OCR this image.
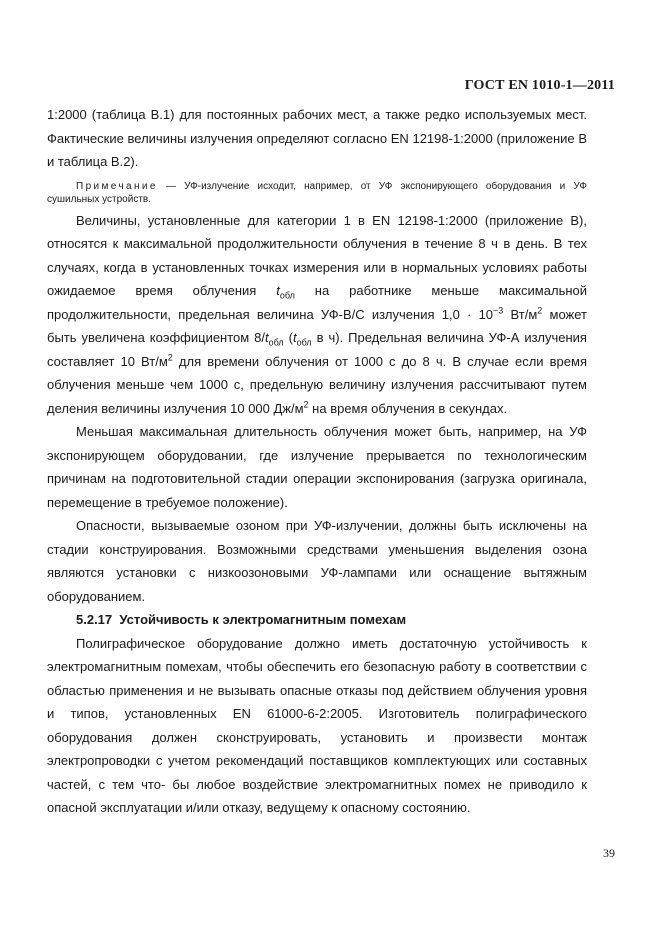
ГОСТ EN 1010-1—2011

1:2000 (таблица В.1) для постоянных рабочих мест, а также редко используемых мест. Фактические величины излучения определяют согласно EN 12198-1:2000 (приложение В и таблица В.2).

Примечание — УФ-излучение исходит, например, от УФ экспонирующего оборудования и УФ сушильных устройств.

Величины, установленные для категории 1 в EN 12198-1:2000 (приложение В), относятся к максимальной продолжительности облучения в течение 8 ч в день. В тех случаях, когда в установленных точках измерения или в нормальных условиях работы ожидаемое время облучения $t_{обл}$ на работнике меньше максимальной продолжительности, предельная величина УФ-В/С излучения $1,0 \cdot 10^{-3}$ $Вт/м^2$ может быть увеличена коэффициентом $8/t_{обл}$ ($t_{обл}$ в ч). Предельная величина УФ-А излучения составляет 10 $Вт/м^2$ для времени облучения от 1000 с до 8 ч. В случае если время облучения меньше чем 1000 с, предельную величину излучения рассчитывают путем деления величины излучения 10 000 $Дж/м^2$ на время облучения в секундах.

Меньшая максимальная длительность облучения может быть, например, на УФ экспонирующем оборудовании, где излучение прерывается по технологическим причинам на подготовительной стадии операции экспонирования (загрузка оригинала, перемещение в требуемое положение).

Опасности, вызываемые озоном при УФ-излучении, должны быть исключены на стадии конструирования. Возможными средствами уменьшения выделения озона являются установки с низкоозоновыми УФ-лампами или оснащение вытяжным оборудованием.

5.2.17 Устойчивость к электромагнитным помехам

Полиграфическое оборудование должно иметь достаточную устойчивость к электромагнитным помехам, чтобы обеспечить его безопасную работу в соответствии с областью применения и не вызывать опасные отказы под действием облучения уровня и типов, установленных EN 61000-6-2:2005. Изготовитель полиграфического оборудования должен сконструировать, установить и произвести монтаж электропроводки с учетом рекомендаций поставщиков комплектующих или составных частей, с тем что- бы любое воздействие электромагнитных помех не приводило к опасной эксплуатации и/или отказу, ведущему к опасному состоянию.

39
